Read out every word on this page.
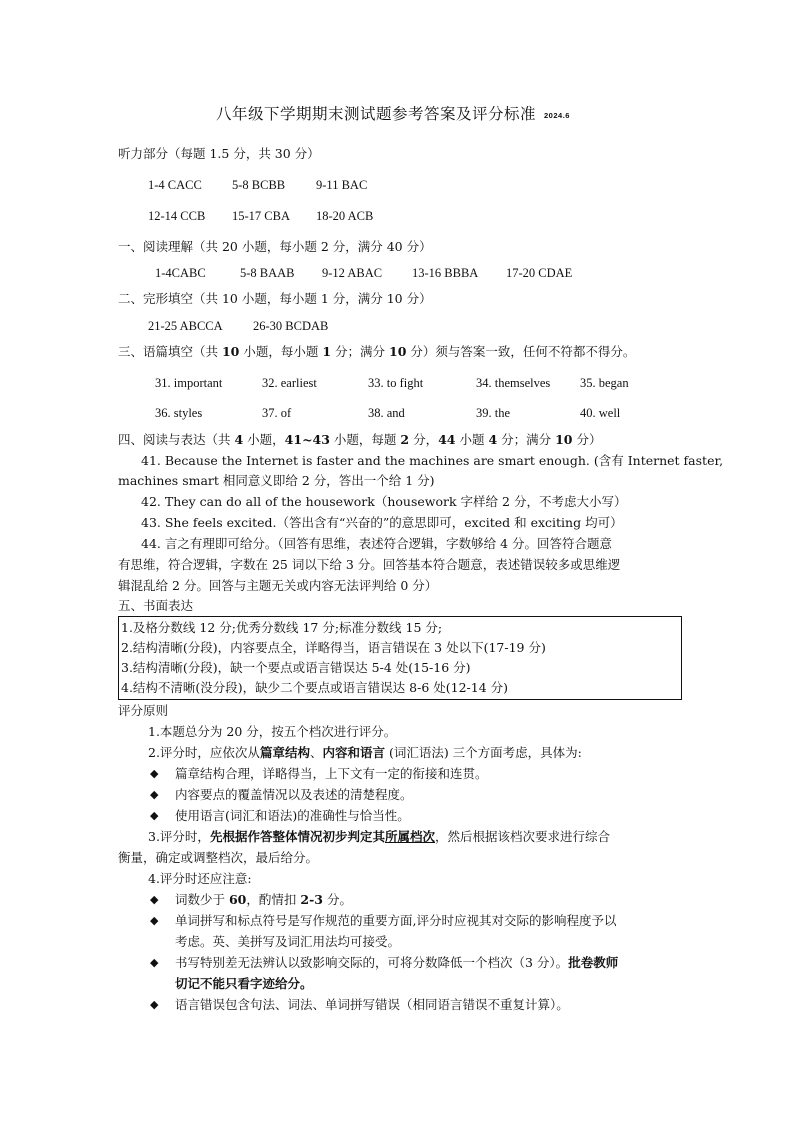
八年级下学期期末测试题参考答案及评分标准 2024.6
听力部分（每题 1.5 分，共 30 分）
1-4 CACC 5-8 BCBB 9-11 BAC
12-14 CCB 15-17 CBA 18-20 ACB
一、阅读理解（共 20 小题，每小题 2 分，满分 40 分）
1-4CABC	5-8 BAAB 9-12 ABAC 13-16 BBBA 17-20 CDAE
二、完形填空（共 10 小题，每小题 1 分，满分 10 分）
21-25 ABCCA 26-30 BCDAB
三、语篇填空（共 10 小题，每小题 1 分；满分 10 分）须与答案一致，任何不符都不得分。
31. important	32. earliest	33. to fight	34. themselves 35. began
36. styles	37. of	38. and	39. the	40. well
四、阅读与表达（共 4 小题，41~43 小题，每题 2 分，44 小题 4 分；满分 10 分）
41. Because the Internet is faster and the machines are smart enough. (含有 Internet faster,
machines smart 相同意义即给 2 分，答出一个给 1 分)
42. They can do all of the housework（housework 字样给 2 分，不考虑大小写）
43. She feels excited.（答出含有“兴奋的”的意思即可，excited 和 exciting 均可）
44. 言之有理即可给分。（回答有思维，表述符合逻辑，字数够给 4 分。回答符合题意
有思维，符合逻辑，字数在 25 词以下给 3 分。回答基本符合题意，表述错误较多或思维逻
辑混乱给 2 分。回答与主题无关或内容无法评判给 0 分）
五、书面表达
1.及格分数线 12 分;优秀分数线 17 分;标准分数线 15 分;
2.结构清晰(分段)，内容要点全，详略得当，语言错误在 3 处以下(17-19 分)
3.结构清晰(分段)，缺一个要点或语言错误达 5-4 处(15-16 分)
4.结构不清晰(没分段)，缺少二个要点或语言错误达 8-6 处(12-14 分)
评分原则
1.本题总分为 20 分，按五个档次进行评分。
2.评分时，应依次从篇章结构、内容和语言 (词汇语法) 三个方面考虑，具体为:
◆ 篇章结构合理，详略得当，上下文有一定的衔接和连贯。
◆ 内容要点的覆盖情况以及表述的清楚程度。
◆ 使用语言(词汇和语法)的准确性与恰当性。
3.评分时，先根据作答整体情况初步判定其所属档次，然后根据该档次要求进行综合
衡量，确定或调整档次，最后给分。
4.评分时还应注意:
◆ 词数少于 60，酌情扣 2-3 分。
◆ 单词拼写和标点符号是写作规范的重要方面,评分时应视其对交际的影响程度予以
考虑。英、美拼写及词汇用法均可接受。
◆ 书写特别差无法辨认以致影响交际的，可将分数降低一个档次（3 分）。批卷教师
切记不能只看字迹给分。
◆ 语言错误包含句法、词法、单词拼写错误（相同语言错误不重复计算）。
